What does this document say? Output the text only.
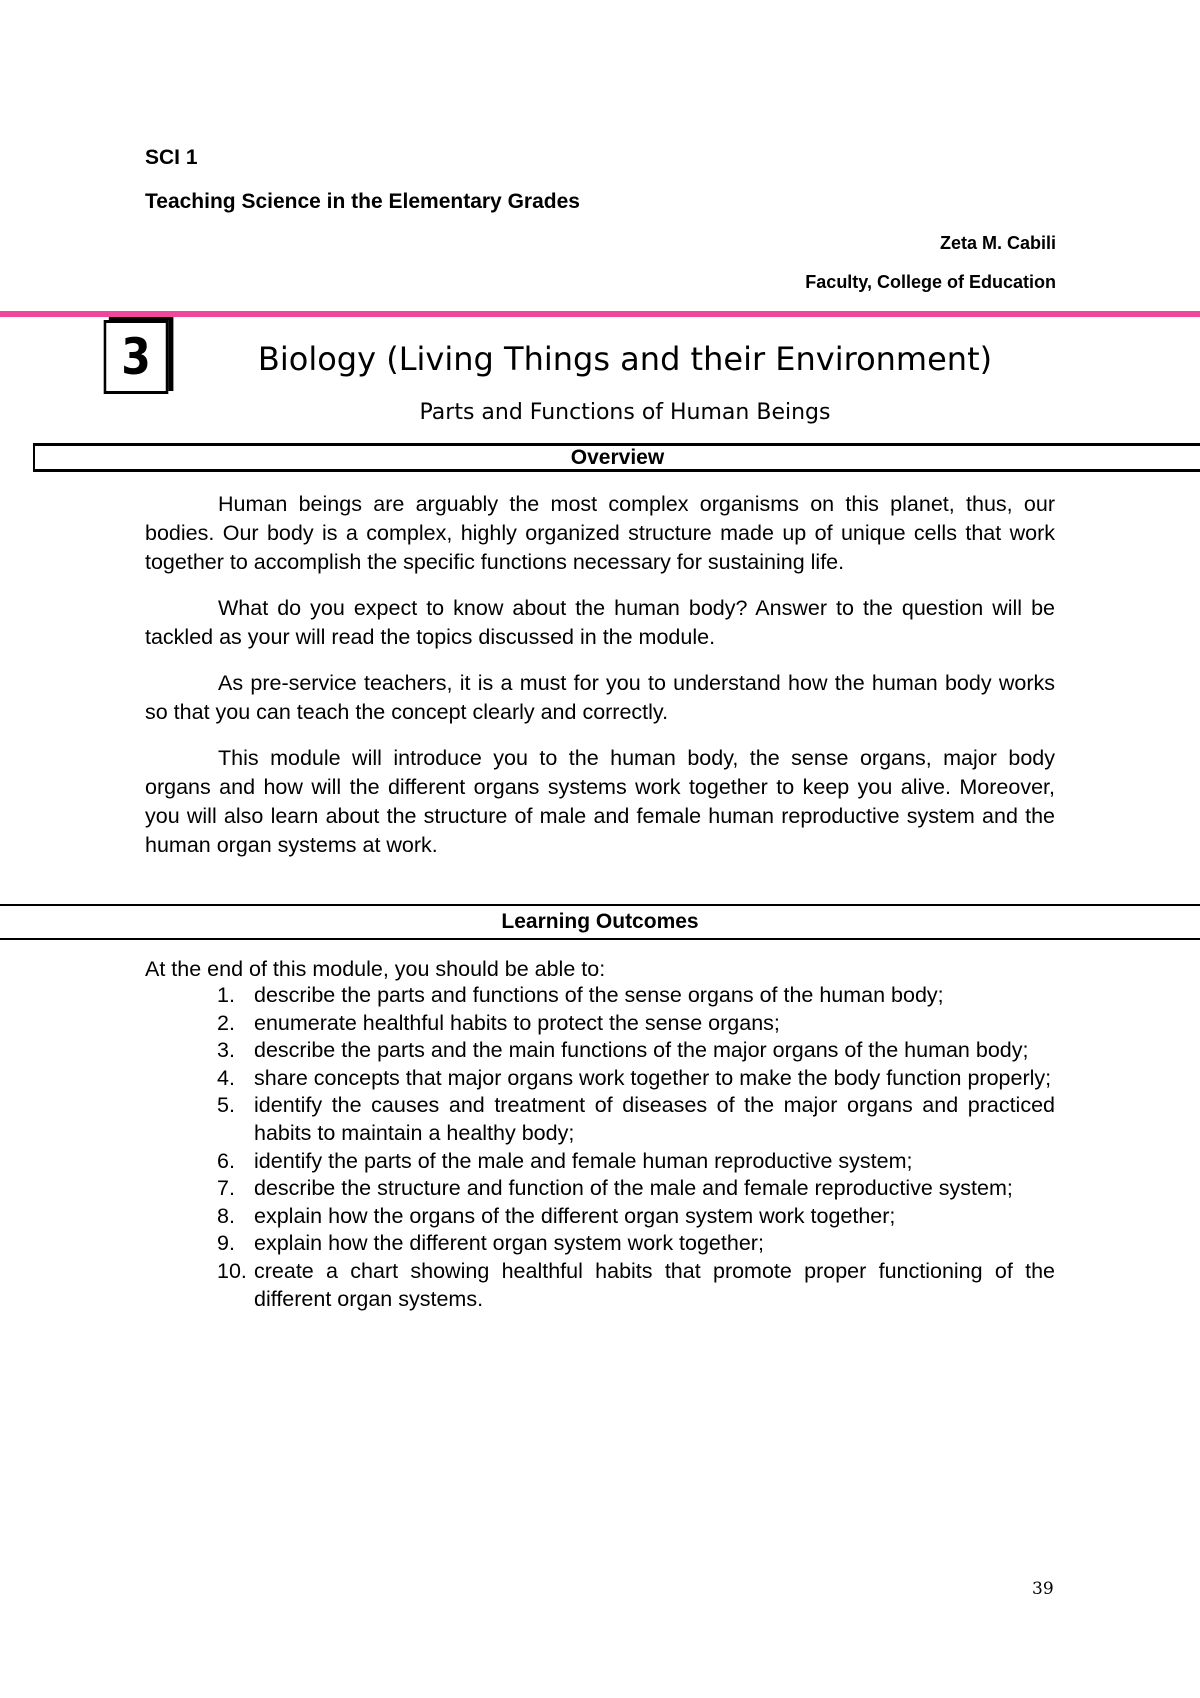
SCI 1
Teaching Science in the Elementary Grades
Zeta M. Cabili
Faculty, College of Education
3	Biology (Living Things and their Environment)
Parts and Functions of Human Beings
Overview

Human beings are arguably the most complex organisms on this planet, thus, our bodies. Our body is a complex, highly organized structure made up of unique cells that work together to accomplish the specific functions necessary for sustaining life.

What do you expect to know about the human body? Answer to the question will be tackled as your will read the topics discussed in the module.

As pre-service teachers, it is a must for you to understand how the human body works so that you can teach the concept clearly and correctly.

This module will introduce you to the human body, the sense organs, major body organs and how will the different organs systems work together to keep you alive. Moreover, you will also learn about the structure of male and female human reproductive system and the human organ systems at work.

Learning Outcomes
At the end of this module, you should be able to:
1. describe the parts and functions of the sense organs of the human body;
2. enumerate healthful habits to protect the sense organs;
3. describe the parts and the main functions of the major organs of the human body;
4. share concepts that major organs work together to make the body function properly;
5. identify the causes and treatment of diseases of the major organs and practiced habits to maintain a healthy body;
6. identify the parts of the male and female human reproductive system;
7. describe the structure and function of the male and female reproductive system;
8. explain how the organs of the different organ system work together;
9. explain how the different organ system work together;
10. create a chart showing healthful habits that promote proper functioning of the different organ systems.
39
